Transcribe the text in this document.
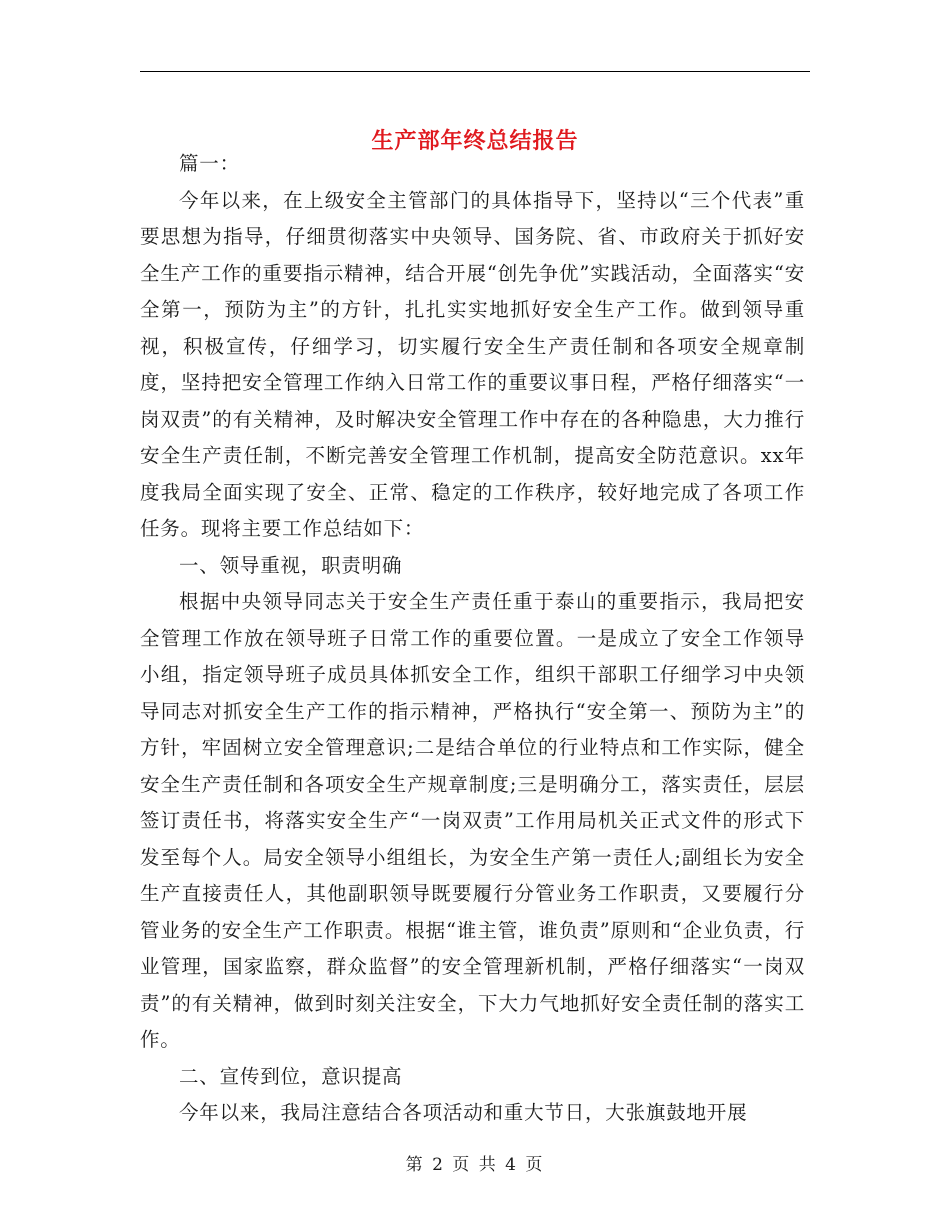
生产部年终总结报告

篇一：

今年以来，在上级安全主管部门的具体指导下，坚持以“三个代表”重要思想为指导，仔细贯彻落实中央领导、国务院、省、市政府关于抓好安全生产工作的重要指示精神，结合开展“创先争优”实践活动，全面落实“安全第一，预防为主”的方针，扎扎实实地抓好安全生产工作。做到领导重视，积极宣传，仔细学习，切实履行安全生产责任制和各项安全规章制度，坚持把安全管理工作纳入日常工作的重要议事日程，严格仔细落实“一岗双责”的有关精神，及时解决安全管理工作中存在的各种隐患，大力推行安全生产责任制，不断完善安全管理工作机制，提高安全防范意识。xx年度我局全面实现了安全、正常、稳定的工作秩序，较好地完成了各项工作任务。现将主要工作总结如下：

一、领导重视，职责明确

根据中央领导同志关于安全生产责任重于泰山的重要指示，我局把安全管理工作放在领导班子日常工作的重要位置。一是成立了安全工作领导小组，指定领导班子成员具体抓安全工作，组织干部职工仔细学习中央领导同志对抓安全生产工作的指示精神，严格执行“安全第一、预防为主”的方针，牢固树立安全管理意识;二是结合单位的行业特点和工作实际，健全安全生产责任制和各项安全生产规章制度;三是明确分工，落实责任，层层签订责任书，将落实安全生产“一岗双责”工作用局机关正式文件的形式下发至每个人。局安全领导小组组长，为安全生产第一责任人;副组长为安全生产直接责任人，其他副职领导既要履行分管业务工作职责，又要履行分管业务的安全生产工作职责。根据“谁主管，谁负责”原则和“企业负责，行业管理，国家监察，群众监督”的安全管理新机制，严格仔细落实“一岗双责”的有关精神，做到时刻关注安全，下大力气地抓好安全责任制的落实工作。

二、宣传到位，意识提高

今年以来，我局注意结合各项活动和重大节日，大张旗鼓地开展

第 2 页 共 4 页
